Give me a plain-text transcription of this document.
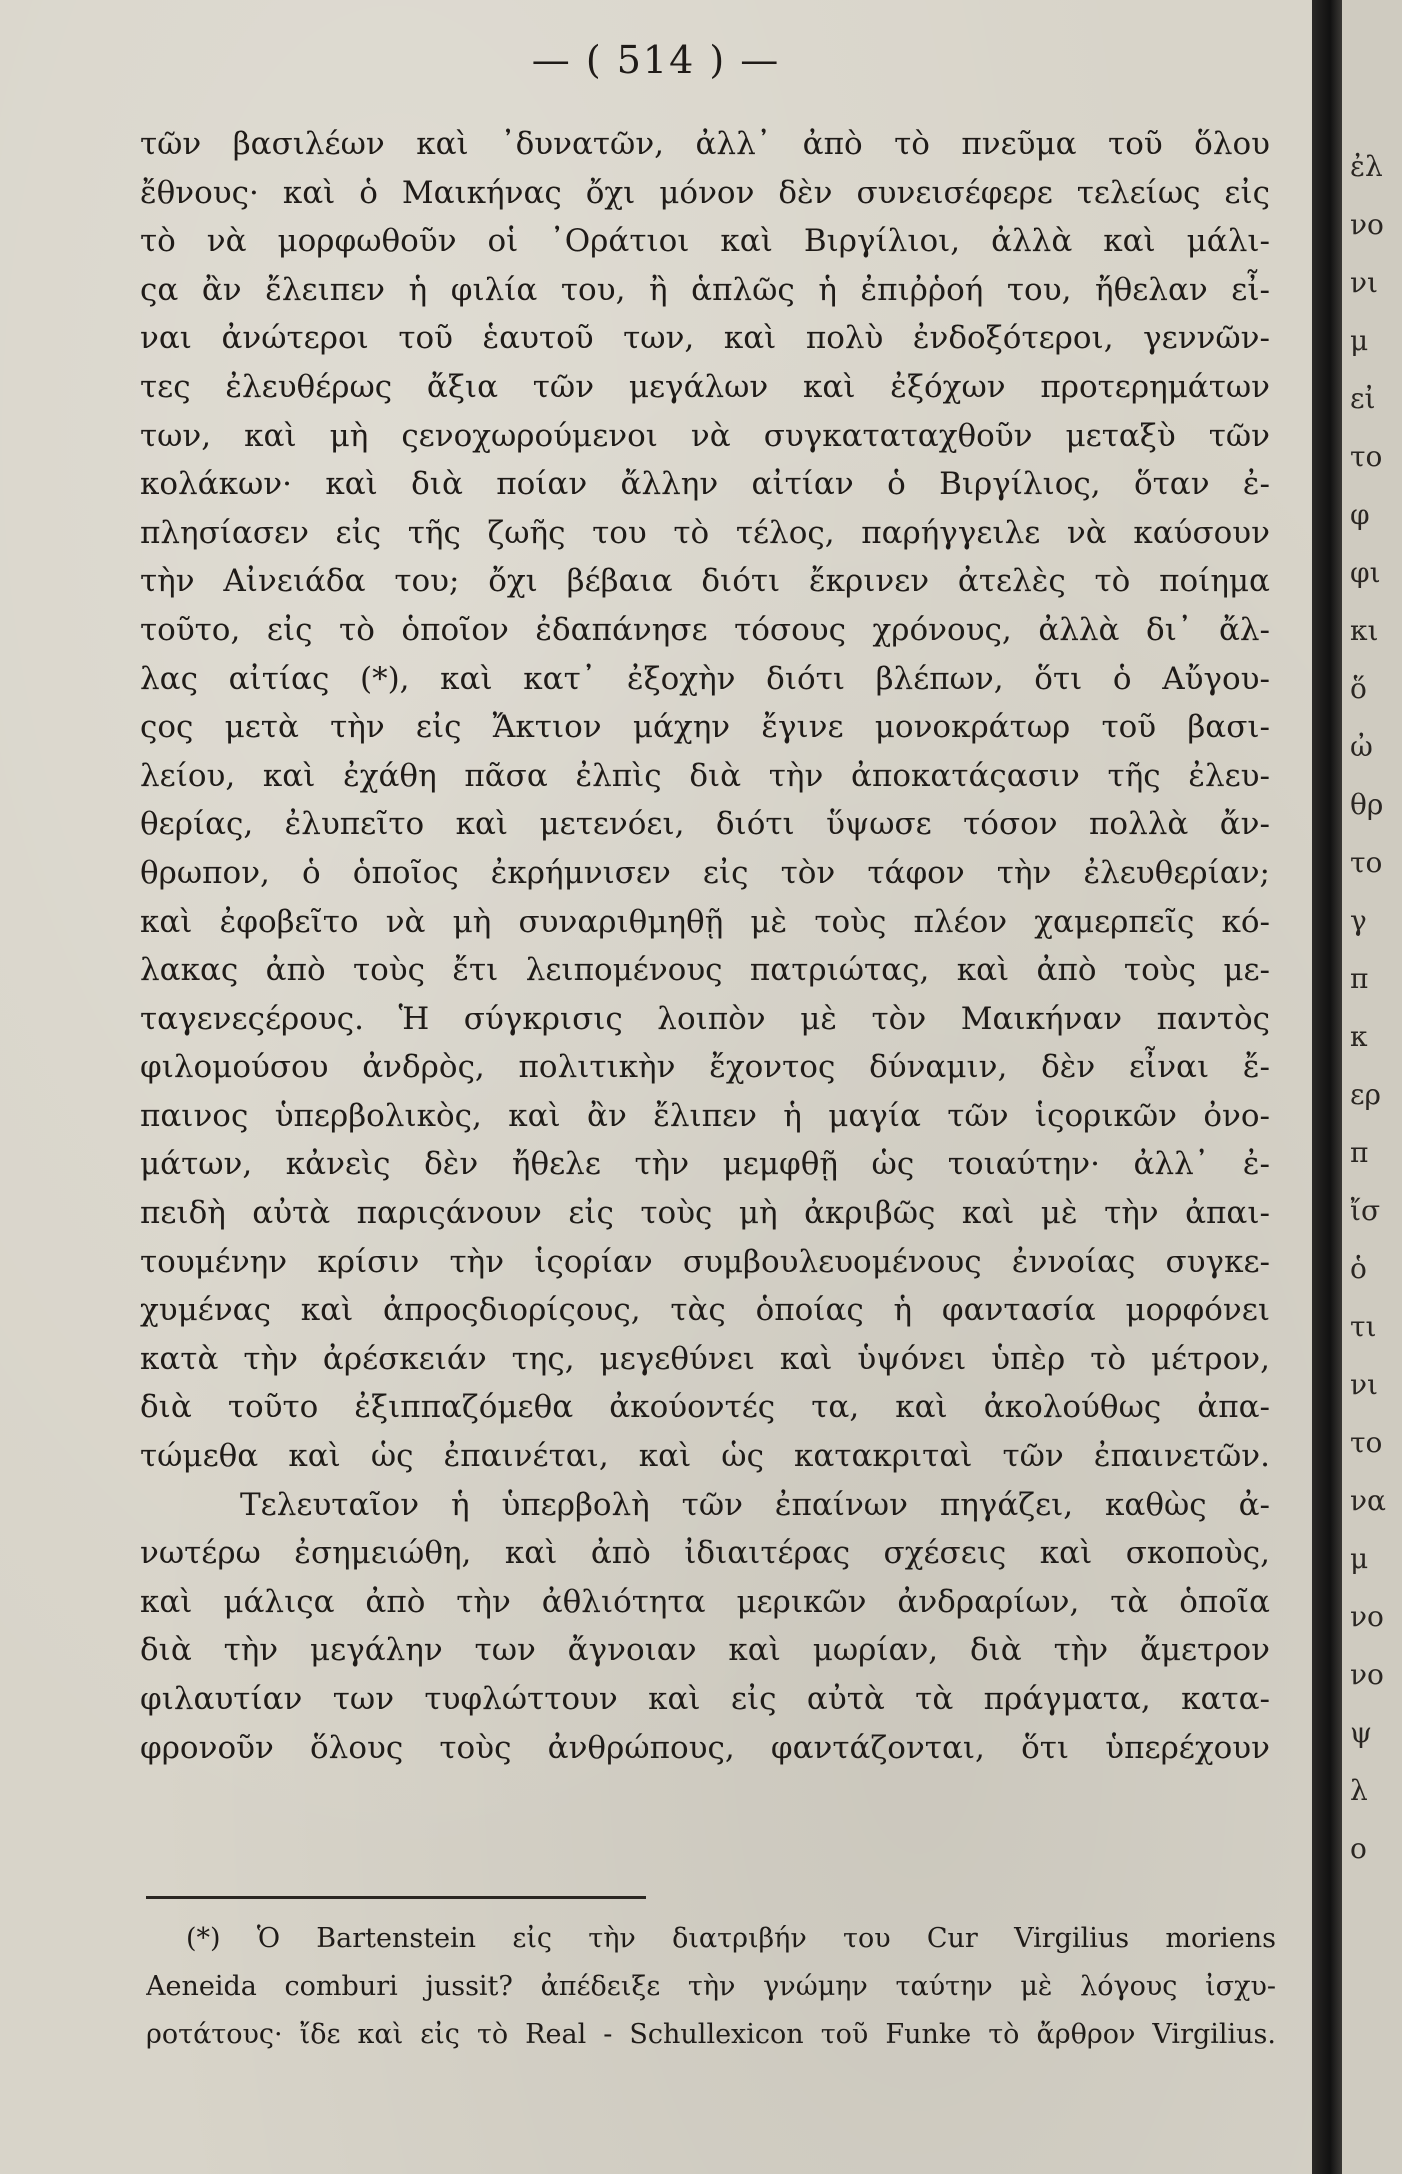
— ( 514 ) —
τῶν βασιλέων καὶ ᾿δυνατῶν, ἀλλ᾿ ἀπὸ τὸ πνεῦμα τοῦ ὅλου
ἔθνους· καὶ ὁ Μαικήνας ὄχι μόνον δὲν συνεισέφερε τελείως εἰς
τὸ νὰ μορφωθοῦν οἱ ᾿Οράτιοι καὶ Βιργίλιοι, ἀλλὰ καὶ μάλι-
ςα ἂν ἔλειπεν ἡ φιλία του, ἢ ἁπλῶς ἡ ἐπιῤῥοή του, ἤθελαν εἶ-
ναι ἀνώτεροι τοῦ ἑαυτοῦ των, καὶ πολὺ ἐνδοξότεροι, γεννῶν-
τες ἐλευθέρως ἄξια τῶν μεγάλων καὶ ἐξόχων προτερημάτων
των, καὶ μὴ ςενοχωρούμενοι νὰ συγκαταταχθοῦν μεταξὺ τῶν
κολάκων· καὶ διὰ ποίαν ἄλλην αἰτίαν ὁ Βιργίλιος, ὅταν ἐ-
πλησίασεν εἰς τῆς ζωῆς του τὸ τέλος, παρήγγειλε νὰ καύσουν
τὴν Αἰνειάδα του; ὄχι βέβαια διότι ἔκρινεν ἀτελὲς τὸ ποίημα
τοῦτο, εἰς τὸ ὁποῖον ἐδαπάνησε τόσους χρόνους, ἀλλὰ δι᾿ ἄλ-
λας αἰτίας (*), καὶ κατ᾿ ἐξοχὴν διότι βλέπων, ὅτι ὁ Αὔγου-
ςος μετὰ τὴν εἰς Ἄκτιον μάχην ἔγινε μονοκράτωρ τοῦ βασι-
λείου, καὶ ἐχάθη πᾶσα ἐλπὶς διὰ τὴν ἀποκατάςασιν τῆς ἐλευ-
θερίας, ἐλυπεῖτο καὶ μετενόει, διότι ὕψωσε τόσον πολλὰ ἄν-
θρωπον, ὁ ὁποῖος ἐκρήμνισεν εἰς τὸν τάφον τὴν ἐλευθερίαν;
καὶ ἐφοβεῖτο νὰ μὴ συναριθμηθῇ μὲ τοὺς πλέον χαμερπεῖς κό-
λακας ἀπὸ τοὺς ἔτι λειπομένους πατριώτας, καὶ ἀπὸ τοὺς με-
ταγενεςέρους. Ἡ σύγκρισις λοιπὸν μὲ τὸν Μαικήναν παντὸς
φιλομούσου ἀνδρὸς, πολιτικὴν ἔχοντος δύναμιν, δὲν εἶναι ἔ-
παινος ὑπερβολικὸς, καὶ ἂν ἔλιπεν ἡ μαγία τῶν ἱςορικῶν ὀνο-
μάτων, κἀνεὶς δὲν ἤθελε τὴν μεμφθῇ ὡς τοιαύτην· ἀλλ᾿ ἐ-
πειδὴ αὐτὰ παριςάνουν εἰς τοὺς μὴ ἀκριβῶς καὶ μὲ τὴν ἀπαι-
τουμένην κρίσιν τὴν ἱςορίαν συμβουλευομένους ἐννοίας συγκε-
χυμένας καὶ ἀπροςδιορίςους, τὰς ὁποίας ἡ φαντασία μορφόνει
κατὰ τὴν ἀρέσκειάν της, μεγεθύνει καὶ ὑψόνει ὑπὲρ τὸ μέτρον,
διὰ τοῦτο ἐξιππαζόμεθα ἀκούοντές τα, καὶ ἀκολούθως ἀπα-
τώμεθα καὶ ὡς ἐπαινέται, καὶ ὡς κατακριταὶ τῶν ἐπαινετῶν.
Τελευταῖον ἡ ὑπερβολὴ τῶν ἐπαίνων πηγάζει, καθὼς ἀ-
νωτέρω ἐσημειώθη, καὶ ἀπὸ ἰδιαιτέρας σχέσεις καὶ σκοποὺς,
καὶ μάλιςα ἀπὸ τὴν ἀθλιότητα μερικῶν ἀνδραρίων, τὰ ὁποῖα
διὰ τὴν μεγάλην των ἄγνοιαν καὶ μωρίαν, διὰ τὴν ἄμετρον
φιλαυτίαν των τυφλώττουν καὶ εἰς αὐτὰ τὰ πράγματα, κατα-
φρονοῦν ὅλους τοὺς ἀνθρώπους, φαντάζονται, ὅτι ὑπερέχουν
(*) Ὁ Bartenstein εἰς τὴν διατριβήν του Cur Virgilius moriens
Aeneida comburi jussit? ἀπέδειξε τὴν γνώμην ταύτην μὲ λόγους ἰσχυ-
ροτάτους· ἴδε καὶ εἰς τὸ Real - Schullexicon τοῦ Funke τὸ ἄρθρον Virgilius.
ἐλ
νο
νι
μ
εἰ
το
φ
φι
κι
ὅ
ὠ
θρ
το
γ
π
κ
ερ
π
ἴσ
ὁ
τι
νι
το
να
μ
νο
νο
ψ
λ
ο
